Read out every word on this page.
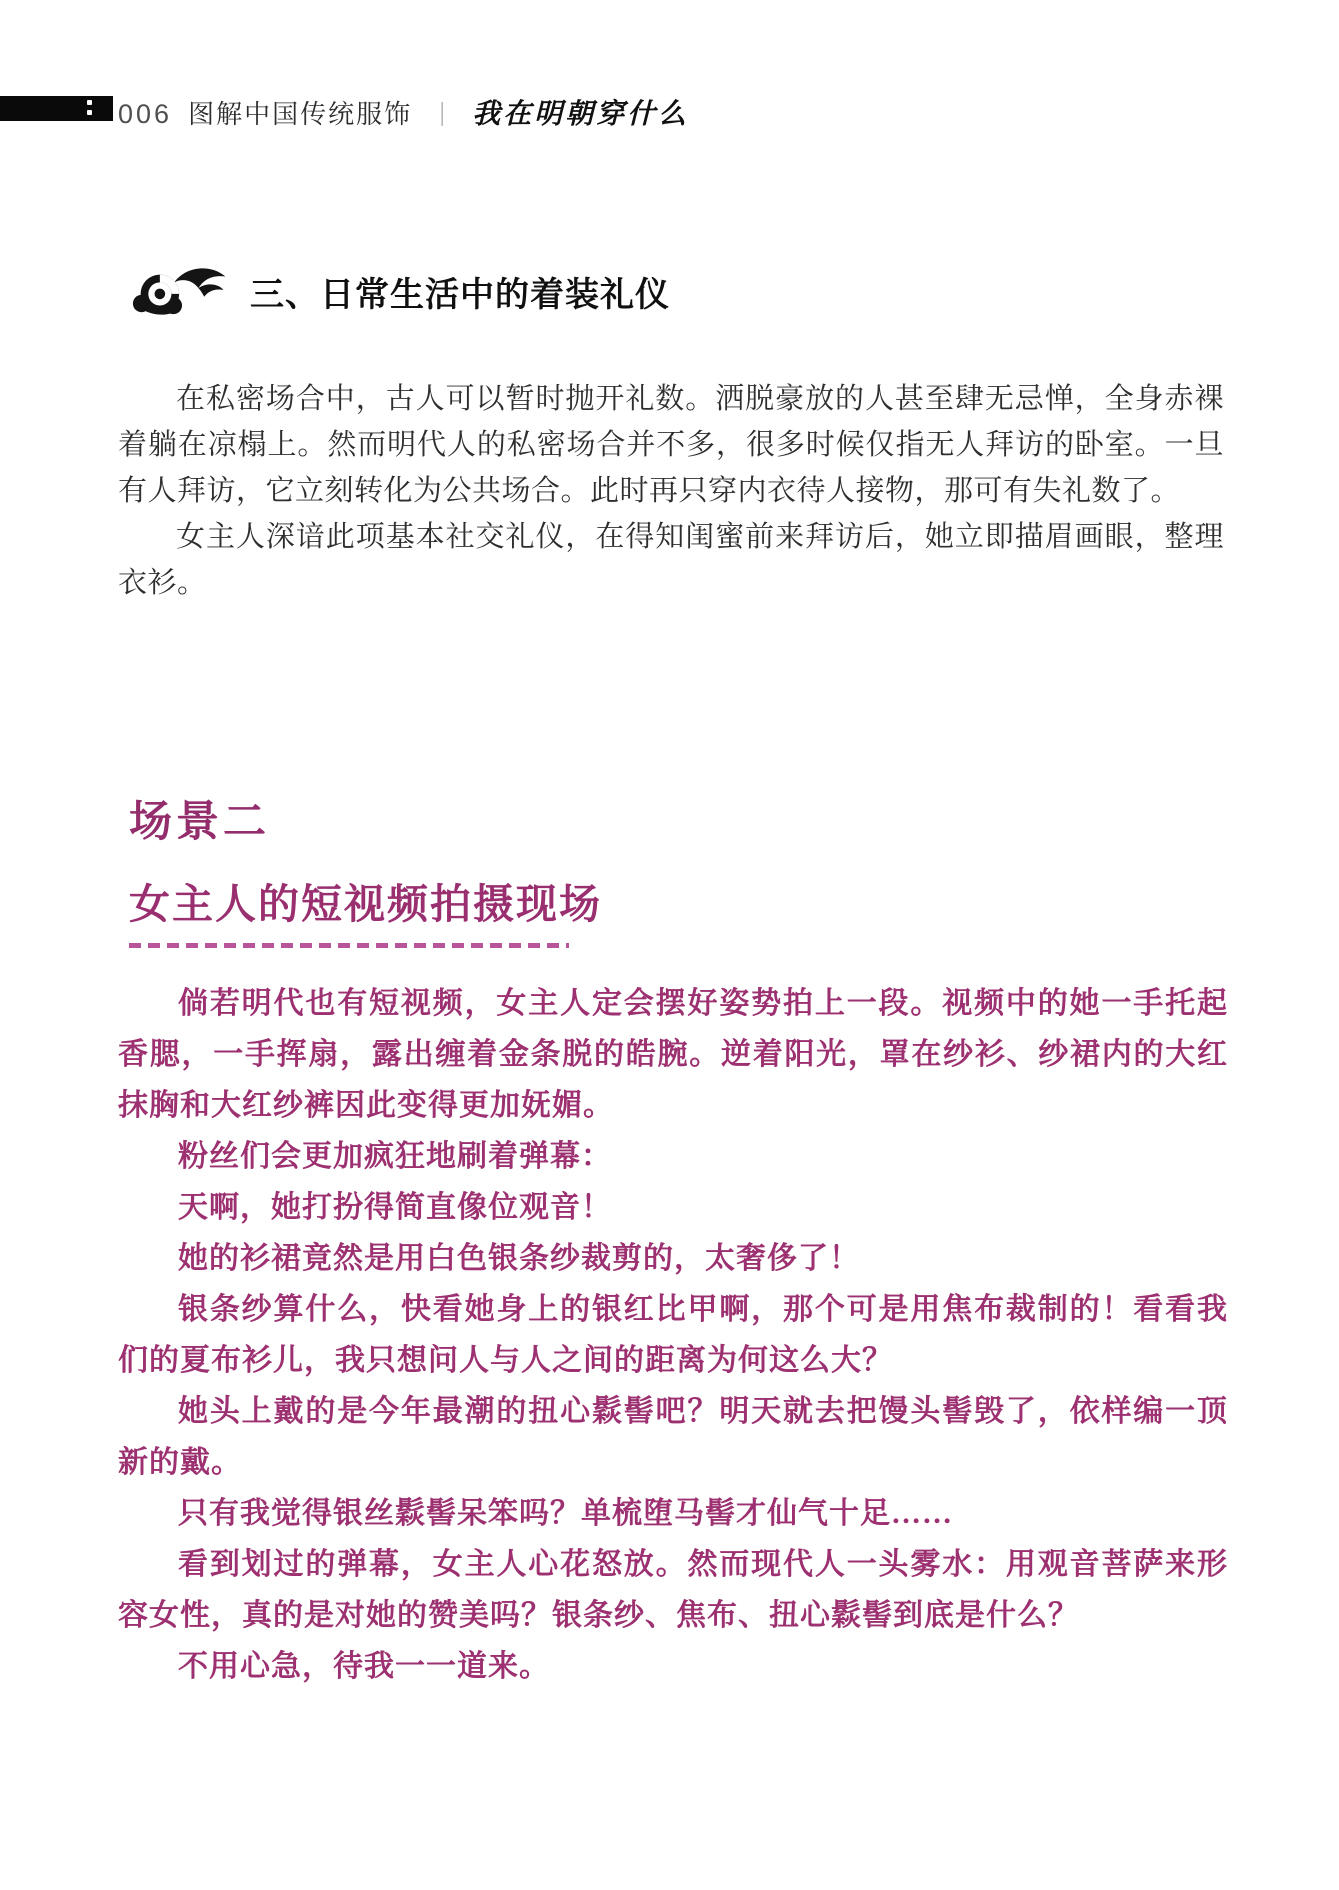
006 图解中国传统服饰 ｜ 我在明朝穿什么
三、日常生活中的着装礼仪

在私密场合中，古人可以暂时抛开礼数。洒脱豪放的人甚至肆无忌惮，全身赤裸着躺在凉榻上。然而明代人的私密场合并不多，很多时候仅指无人拜访的卧室。一旦有人拜访，它立刻转化为公共场合。此时再只穿内衣待人接物，那可有失礼数了。

女主人深谙此项基本社交礼仪，在得知闺蜜前来拜访后，她立即描眉画眼，整理衣衫。

场景二
女主人的短视频拍摄现场

倘若明代也有短视频，女主人定会摆好姿势拍上一段。视频中的她一手托起香腮，一手挥扇，露出缠着金条脱的皓腕。逆着阳光，罩在纱衫、纱裙内的大红抹胸和大红纱裤因此变得更加妩媚。

粉丝们会更加疯狂地刷着弹幕：

天啊，她打扮得简直像位观音！

她的衫裙竟然是用白色银条纱裁剪的，太奢侈了！

银条纱算什么，快看她身上的银红比甲啊，那个可是用焦布裁制的！看看我们的夏布衫儿，我只想问人与人之间的距离为何这么大？

她头上戴的是今年最潮的扭心鬏髻吧？明天就去把馒头髻毁了，依样编一顶新的戴。

只有我觉得银丝鬏髻呆笨吗？单梳堕马髻才仙气十足……

看到划过的弹幕，女主人心花怒放。然而现代人一头雾水：用观音菩萨来形容女性，真的是对她的赞美吗？银条纱、焦布、扭心鬏髻到底是什么？

不用心急，待我一一道来。
